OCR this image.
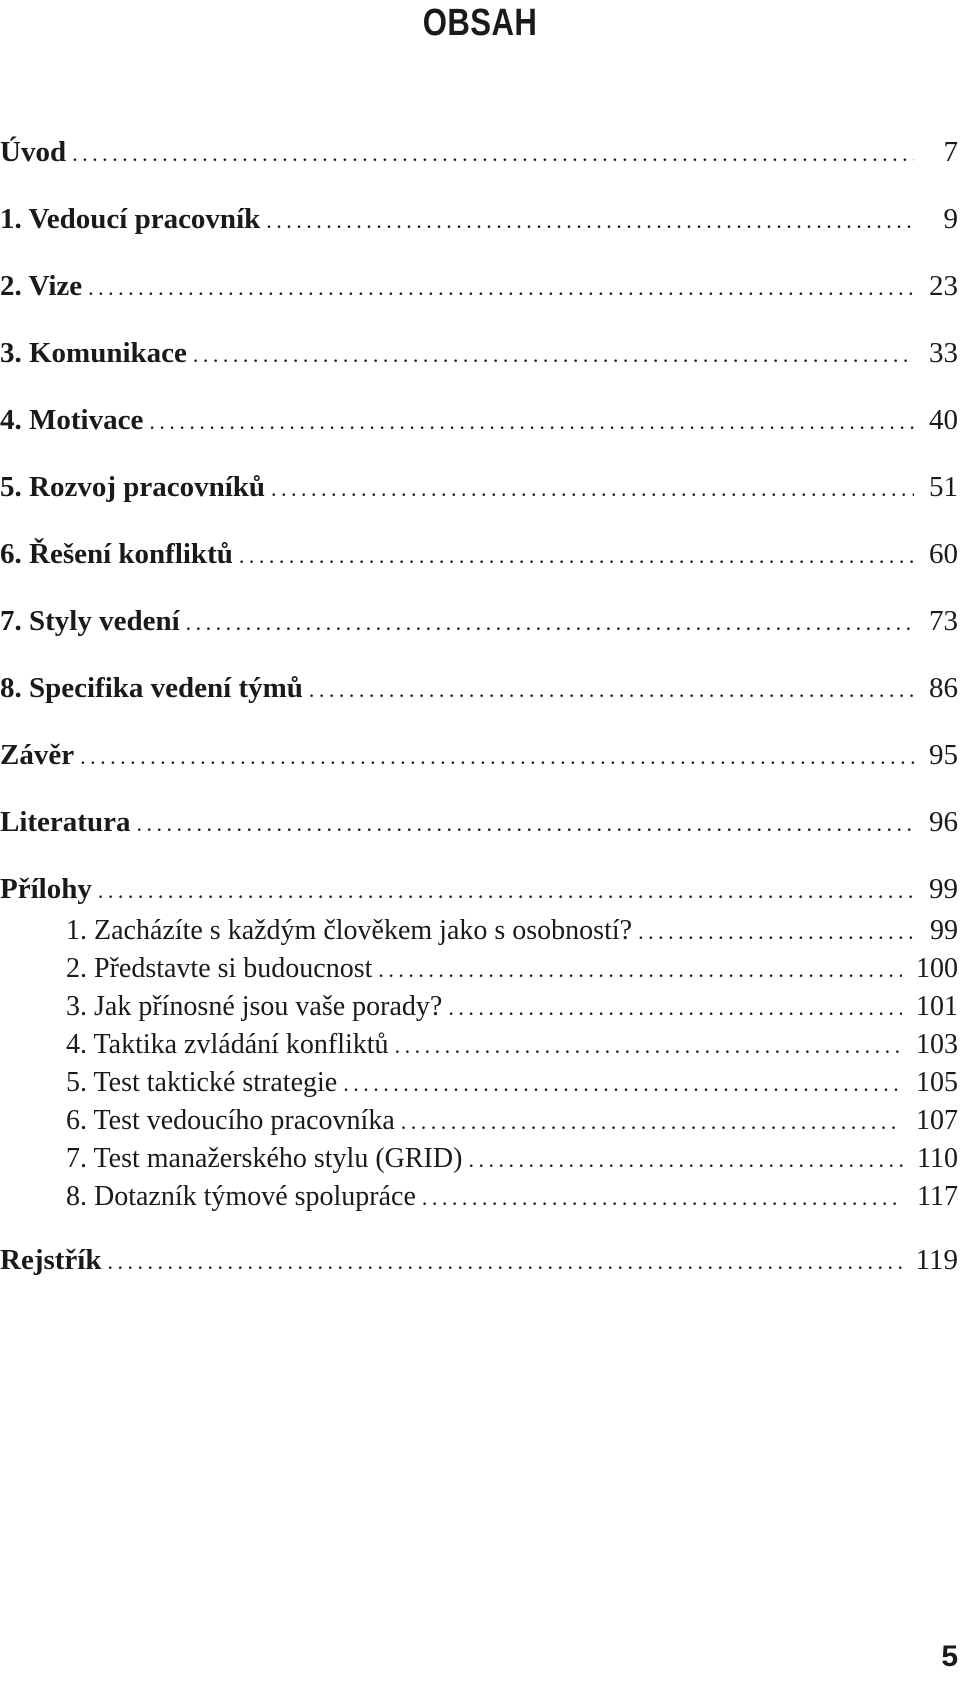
OBSAH
Úvod . . .	7
1. Vedoucí pracovník . . .	9
2. Vize . . .	23
3. Komunikace . . .	33
4. Motivace . . .	40
5. Rozvoj pracovníků . . .	51
6. Řešení konfliktů . . .	60
7. Styly vedení . . .	73
8. Specifika vedení týmů . . .	86
Závěr . . .	95
Literatura . . .	96
Přílohy . . .	99
1. Zacházíte s každým člověkem jako s osobností? . . .	99
2. Představte si budoucnost . . .	100
3. Jak přínosné jsou vaše porady? . . .	101
4. Taktika zvládání konfliktů . . .	103
5. Test taktické strategie . . .	105
6. Test vedoucího pracovníka . . .	107
7. Test manažerského stylu (GRID) . . .	110
8. Dotazník týmové spolupráce . . .	117
Rejstřík . . .	119
5
